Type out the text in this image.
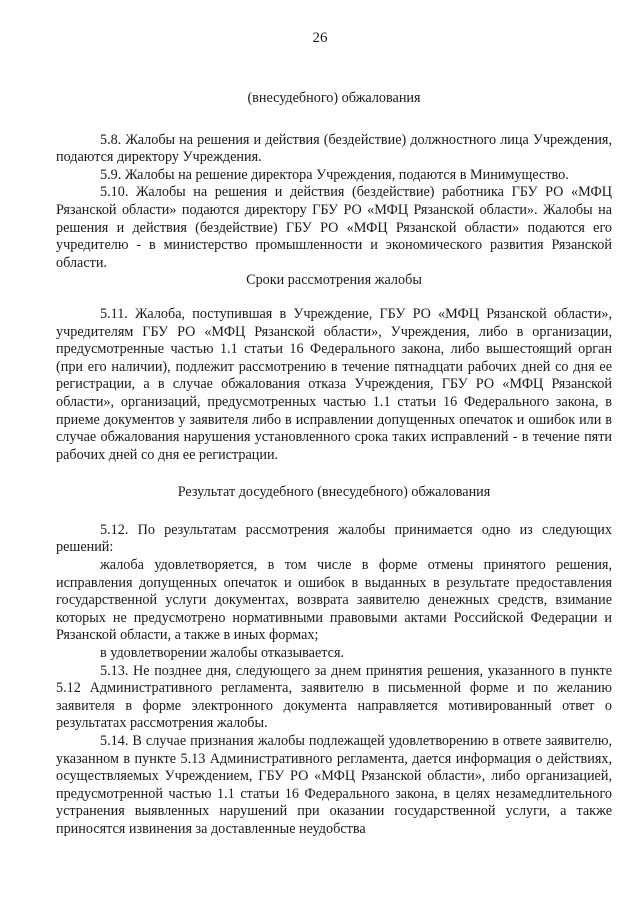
26

(внесудебного) обжалования

5.8. Жалобы на решения и действия (бездействие) должностного лица Учреждения, подаются директору Учреждения.

5.9. Жалобы на решение директора Учреждения, подаются в Минимущество.

5.10. Жалобы на решения и действия (бездействие) работника ГБУ РО «МФЦ Рязанской области» подаются директору ГБУ РО «МФЦ Рязанской области». Жалобы на решения и действия (бездействие) ГБУ РО «МФЦ Рязанской области» подаются его учредителю - в министерство промышленности и экономического развития Рязанской области.

Сроки рассмотрения жалобы

5.11. Жалоба, поступившая в Учреждение, ГБУ РО «МФЦ Рязанской области», учредителям ГБУ РО «МФЦ Рязанской области», Учреждения, либо в организации, предусмотренные частью 1.1 статьи 16 Федерального закона, либо вышестоящий орган (при его наличии), подлежит рассмотрению в течение пятнадцати рабочих дней со дня ее регистрации, а в случае обжалования отказа Учреждения, ГБУ РО «МФЦ Рязанской области», организаций, предусмотренных частью 1.1 статьи 16 Федерального закона, в приеме документов у заявителя либо в исправлении допущенных опечаток и ошибок или в случае обжалования нарушения установленного срока таких исправлений - в течение пяти рабочих дней со дня ее регистрации.

Результат досудебного (внесудебного) обжалования

5.12. По результатам рассмотрения жалобы принимается одно из следующих решений:

жалоба удовлетворяется, в том числе в форме отмены принятого решения, исправления допущенных опечаток и ошибок в выданных в результате предоставления государственной услуги документах, возврата заявителю денежных средств, взимание которых не предусмотрено нормативными правовыми актами Российской Федерации и Рязанской области, а также в иных формах;

в удовлетворении жалобы отказывается.

5.13. Не позднее дня, следующего за днем принятия решения, указанного в пункте 5.12 Административного регламента, заявителю в письменной форме и по желанию заявителя в форме электронного документа направляется мотивированный ответ о результатах рассмотрения жалобы.

5.14. В случае признания жалобы подлежащей удовлетворению в ответе заявителю, указанном в пункте 5.13 Административного регламента, дается информация о действиях, осуществляемых Учреждением, ГБУ РО «МФЦ Рязанской области», либо организацией, предусмотренной частью 1.1 статьи 16 Федерального закона, в целях незамедлительного устранения выявленных нарушений при оказании государственной услуги, а также приносятся извинения за доставленные неудобства
